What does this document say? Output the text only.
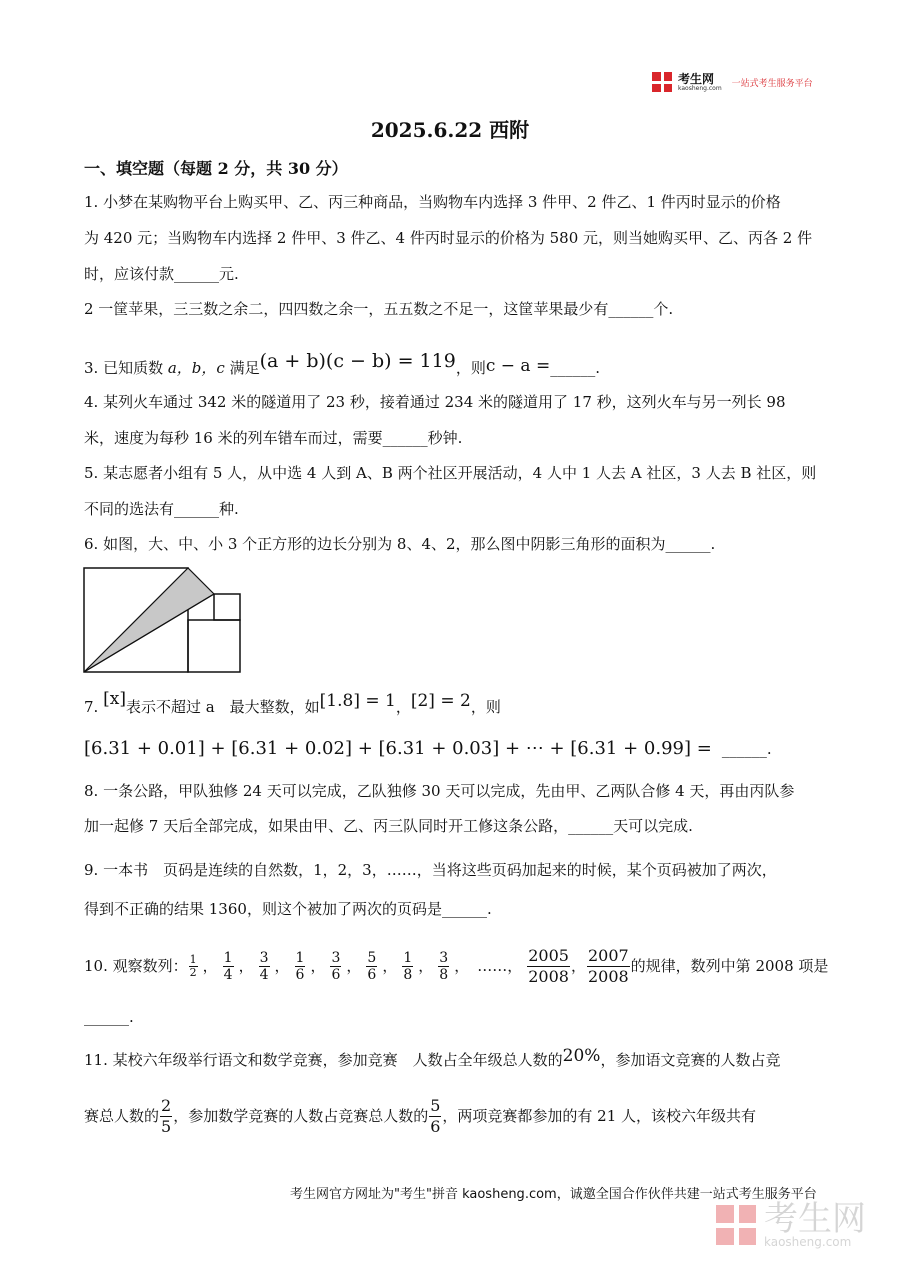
考生网
kaosheng.com 一站式考生服务平台
2025.6.22 西附
一、填空题（每题 2 分，共 30 分）
1. 小梦在某购物平台上购买甲、乙、丙三种商品，当购物车内选择 3 件甲、2 件乙、1 件丙时显示的价格
为 420 元；当购物车内选择 2 件甲、3 件乙、4 件丙时显示的价格为 580 元，则当她购买甲、乙、丙各 2 件
时，应该付款______元.
2 一筐苹果，三三数之余二，四四数之余一，五五数之不足一，这筐苹果最少有______个.
3. 已知质数 a，b，c 满足(a + b)(c − b) = 119，则c − a =______.
4. 某列火车通过 342 米的隧道用了 23 秒，接着通过 234 米的隧道用了 17 秒，这列火车与另一列长 98
米，速度为每秒 16 米的列车错车而过，需要______秒钟.
5. 某志愿者小组有 5 人，从中选 4 人到 A、B 两个社区开展活动，4 人中 1 人去 A 社区，3 人去 B 社区，则
不同的选法有______种.
6. 如图，大、中、小 3 个正方形的边长分别为 8、4、2，那么图中阴影三角形的面积为______.
7. [x]表示不超过 a　最大整数，如[1.8] = 1，[2] = 2，则
[6.31 + 0.01] + [6.31 + 0.02] + [6.31 + 0.03] + ⋯ + [6.31 + 0.99] = ______.
8. 一条公路，甲队独修 24 天可以完成，乙队独修 30 天可以完成，先由甲、乙两队合修 4 天，再由丙队参
加一起修 7 天后全部完成，如果由甲、乙、丙三队同时开工修这条公路，______天可以完成.
9. 一本书　页码是连续的自然数，1，2，3，……，当将这些页码加起来的时候，某个页码被加了两次，
得到不正确的结果 1360，则这个被加了两次的页码是______.
10. 观察数列： $\frac{1}{2}$ ， $\frac{1}{4}$ ， $\frac{3}{4}$ ， $\frac{1}{6}$ ， $\frac{3}{6}$ ， $\frac{5}{6}$ ， $\frac{1}{8}$ ， $\frac{3}{8}$ ， ……， $\frac{2005}{2008}$ ， $\frac{2007}{2008}$ 的规律，数列中第 2008 项是
______.
11. 某校六年级举行语文和数学竞赛，参加竞赛　人数占全年级总人数的20%，参加语文竞赛的人数占竞
赛总人数的 $\frac{2}{5}$ ，参加数学竞赛的人数占竞赛总人数的 $\frac{5}{6}$ ，两项竞赛都参加的有 21 人，该校六年级共有
考生网官方网址为"考生"拼音 kaosheng.com，诚邀全国合作伙伴共建一站式考生服务平台
考生网
kaosheng.com
